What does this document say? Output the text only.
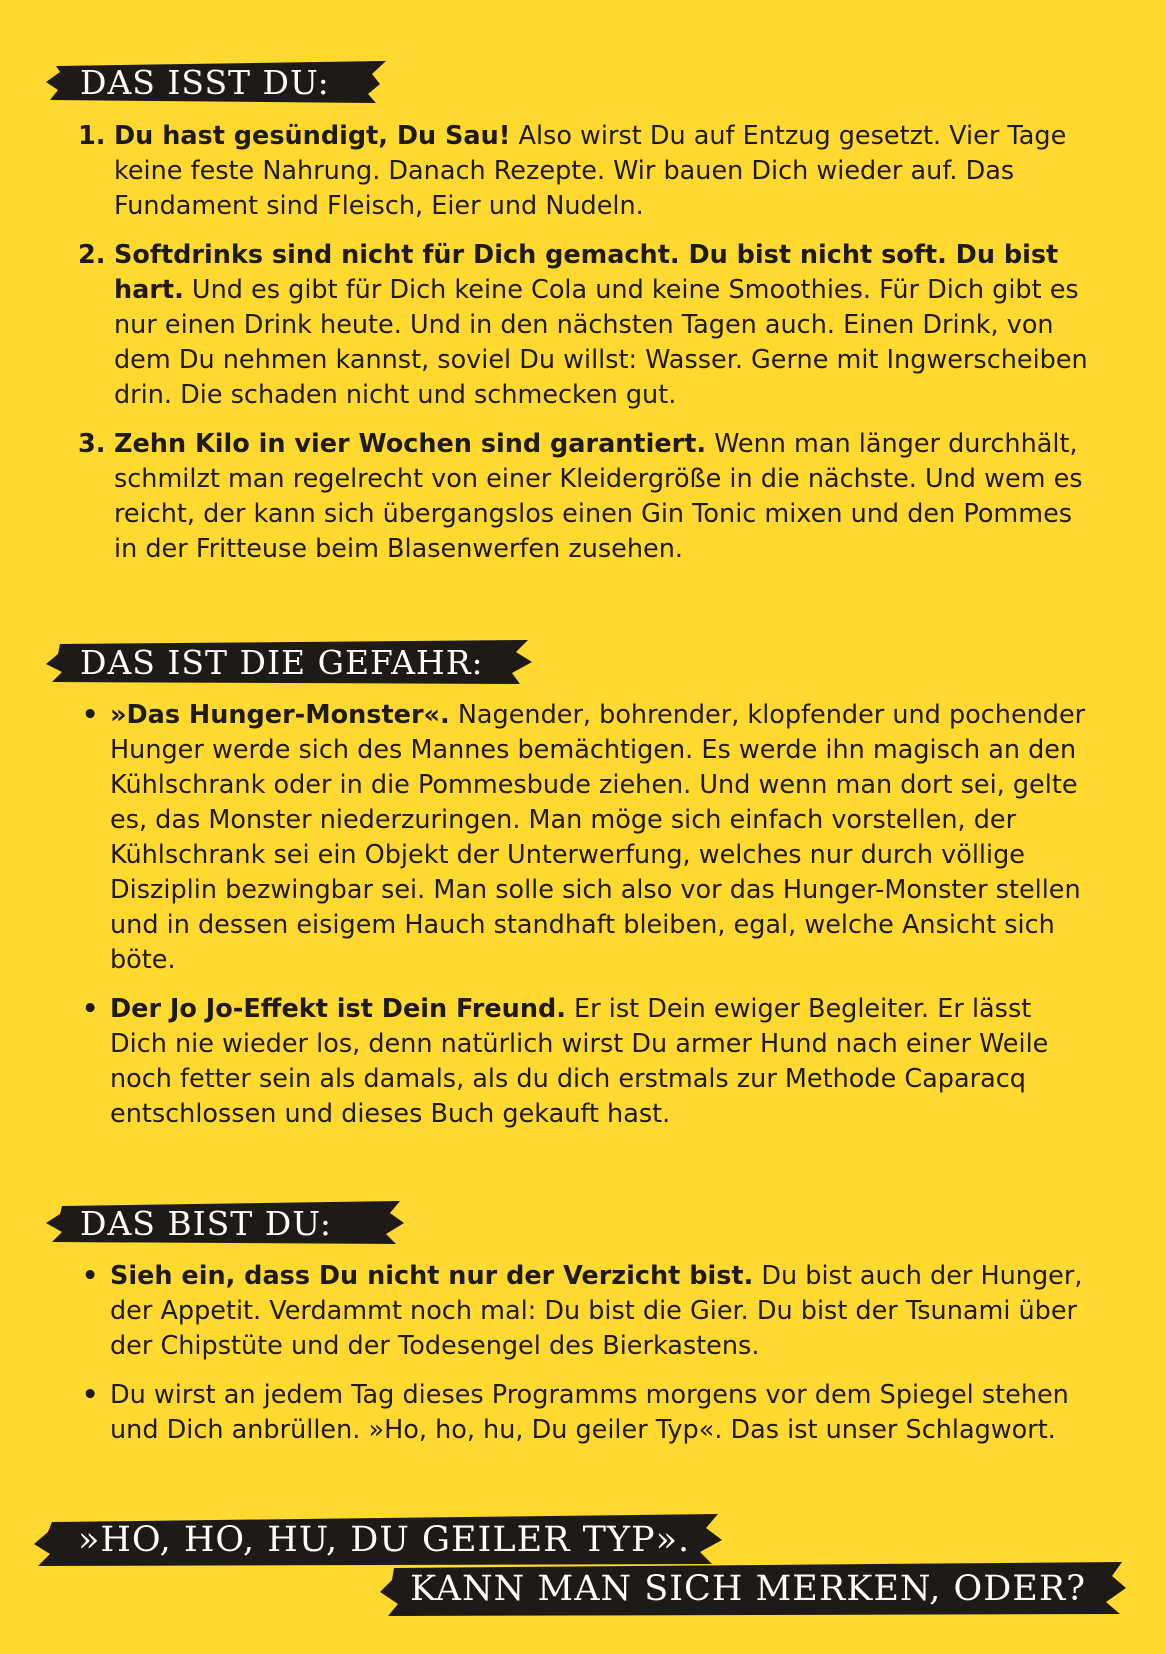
DAS ISST DU:
1. Du hast gesündigt, Du Sau! Also wirst Du auf Entzug gesetzt. Vier Tage keine feste Nahrung. Danach Rezepte. Wir bauen Dich wieder auf. Das Fundament sind Fleisch, Eier und Nudeln.
2. Softdrinks sind nicht für Dich gemacht. Du bist nicht soft. Du bist hart. Und es gibt für Dich keine Cola und keine Smoothies. Für Dich gibt es nur einen Drink heute. Und in den nächsten Tagen auch. Einen Drink, von dem Du nehmen kannst, soviel Du willst: Wasser. Gerne mit Ingwerscheiben drin. Die schaden nicht und schmecken gut.
3. Zehn Kilo in vier Wochen sind garantiert. Wenn man länger durchhält, schmilzt man regelrecht von einer Kleidergröße in die nächste. Und wem es reicht, der kann sich übergangslos einen Gin Tonic mixen und den Pommes in der Fritteuse beim Blasenwerfen zusehen.
DAS IST DIE GEFAHR:
• »Das Hunger-Monster«. Nagender, bohrender, klopfender und pochender Hunger werde sich des Mannes bemächtigen. Es werde ihn magisch an den Kühlschrank oder in die Pommesbude ziehen. Und wenn man dort sei, gelte es, das Monster niederzuringen. Man möge sich einfach vorstellen, der Kühlschrank sei ein Objekt der Unterwerfung, welches nur durch völlige Disziplin bezwingbar sei. Man solle sich also vor das Hunger-Monster stellen und in dessen eisigem Hauch standhaft bleiben, egal, welche Ansicht sich böte.
• Der Jo Jo-Effekt ist Dein Freund. Er ist Dein ewiger Begleiter. Er lässt Dich nie wieder los, denn natürlich wirst Du armer Hund nach einer Weile noch fetter sein als damals, als du dich erstmals zur Methode Caparacq entschlossen und dieses Buch gekauft hast.
DAS BIST DU:
• Sieh ein, dass Du nicht nur der Verzicht bist. Du bist auch der Hunger, der Appetit. Verdammt noch mal: Du bist die Gier. Du bist der Tsunami über der Chipstüte und der Todesengel des Bierkastens.
• Du wirst an jedem Tag dieses Programms morgens vor dem Spiegel stehen und Dich anbrüllen. »Ho, ho, hu, Du geiler Typ«. Das ist unser Schlagwort.
»HO, HO, HU, DU GEILER TYP».
KANN MAN SICH MERKEN, ODER?
